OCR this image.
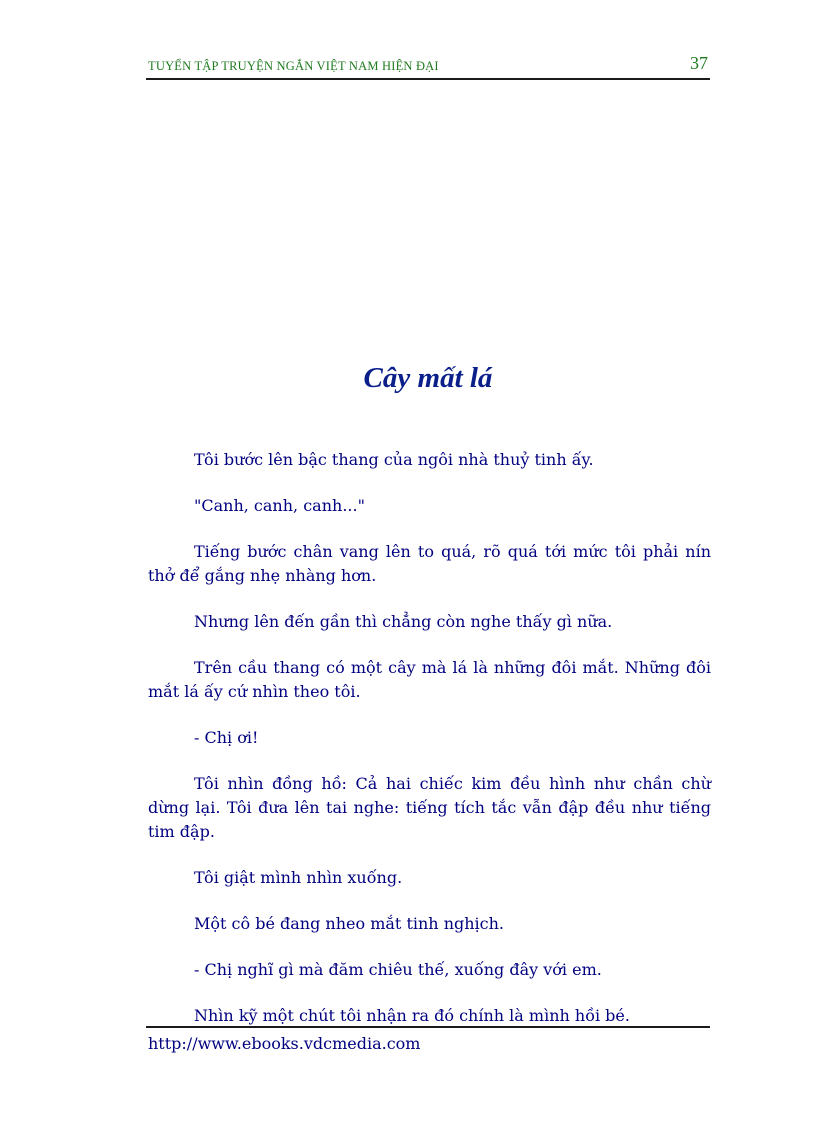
TUYỂN TẬP TRUYỆN NGẮN VIỆT NAM HIỆN ĐẠI	37
Cây mất lá

Tôi bước lên bậc thang của ngôi nhà thuỷ tinh ấy.

"Canh, canh, canh..."

Tiếng bước chân vang lên to quá, rõ quá tới mức tôi phải nín thở để gắng nhẹ nhàng hơn.

Nhưng lên đến gần thì chẳng còn nghe thấy gì nữa.

Trên cầu thang có một cây mà lá là những đôi mắt. Những đôi mắt lá ấy cứ nhìn theo tôi.

- Chị ơi!

Tôi nhìn đồng hồ: Cả hai chiếc kim đều hình như chần chừ dừng lại. Tôi đưa lên tai nghe: tiếng tích tắc vẫn đập đều như tiếng tim đập.

Tôi giật mình nhìn xuống.

Một cô bé đang nheo mắt tinh nghịch.

- Chị nghĩ gì mà đăm chiêu thế, xuống đây với em.

Nhìn kỹ một chút tôi nhận ra đó chính là mình hồi bé.

http://www.ebooks.vdcmedia.com
